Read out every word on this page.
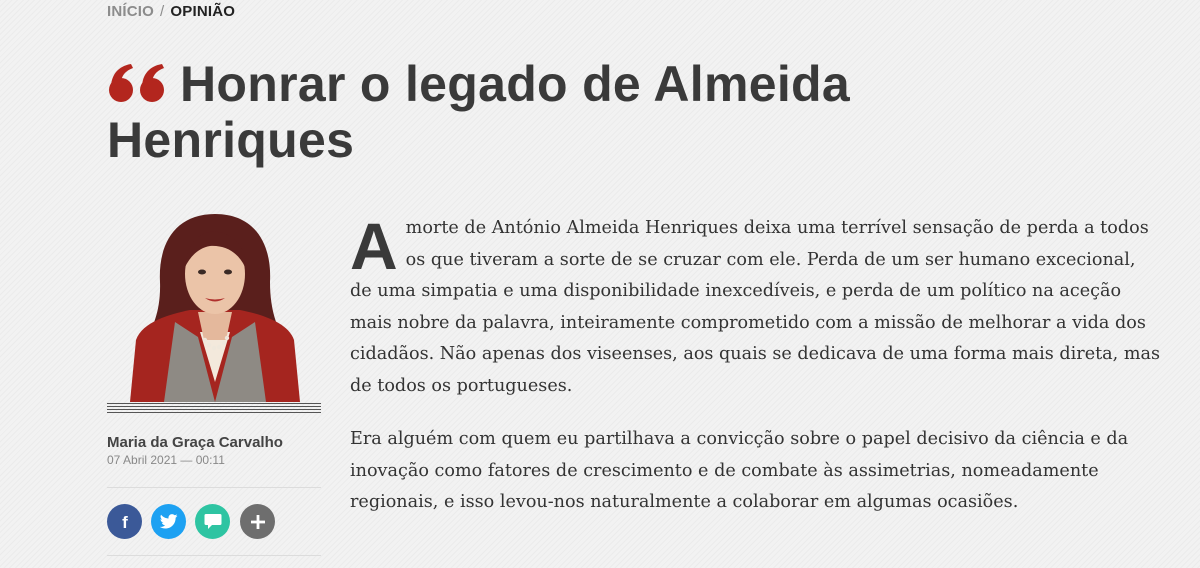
INÍCIO / OPINIÃO
Honrar o legado de Almeida Henriques
Maria da Graça Carvalho
07 Abril 2021 — 00:11
f

A morte de António Almeida Henriques deixa uma terrível sensação de perda a todos os que tiveram a sorte de se cruzar com ele. Perda de um ser humano excecional, de uma simpatia e uma disponibilidade inexcedíveis, e perda de um político na aceção mais nobre da palavra, inteiramente comprometido com a missão de melhorar a vida dos cidadãos. Não apenas dos viseenses, aos quais se dedicava de uma forma mais direta, mas de todos os portugueses.

Era alguém com quem eu partilhava a convicção sobre o papel decisivo da ciência e da inovação como fatores de crescimento e de combate às assimetrias, nomeadamente regionais, e isso levou-nos naturalmente a colaborar em algumas ocasiões.
